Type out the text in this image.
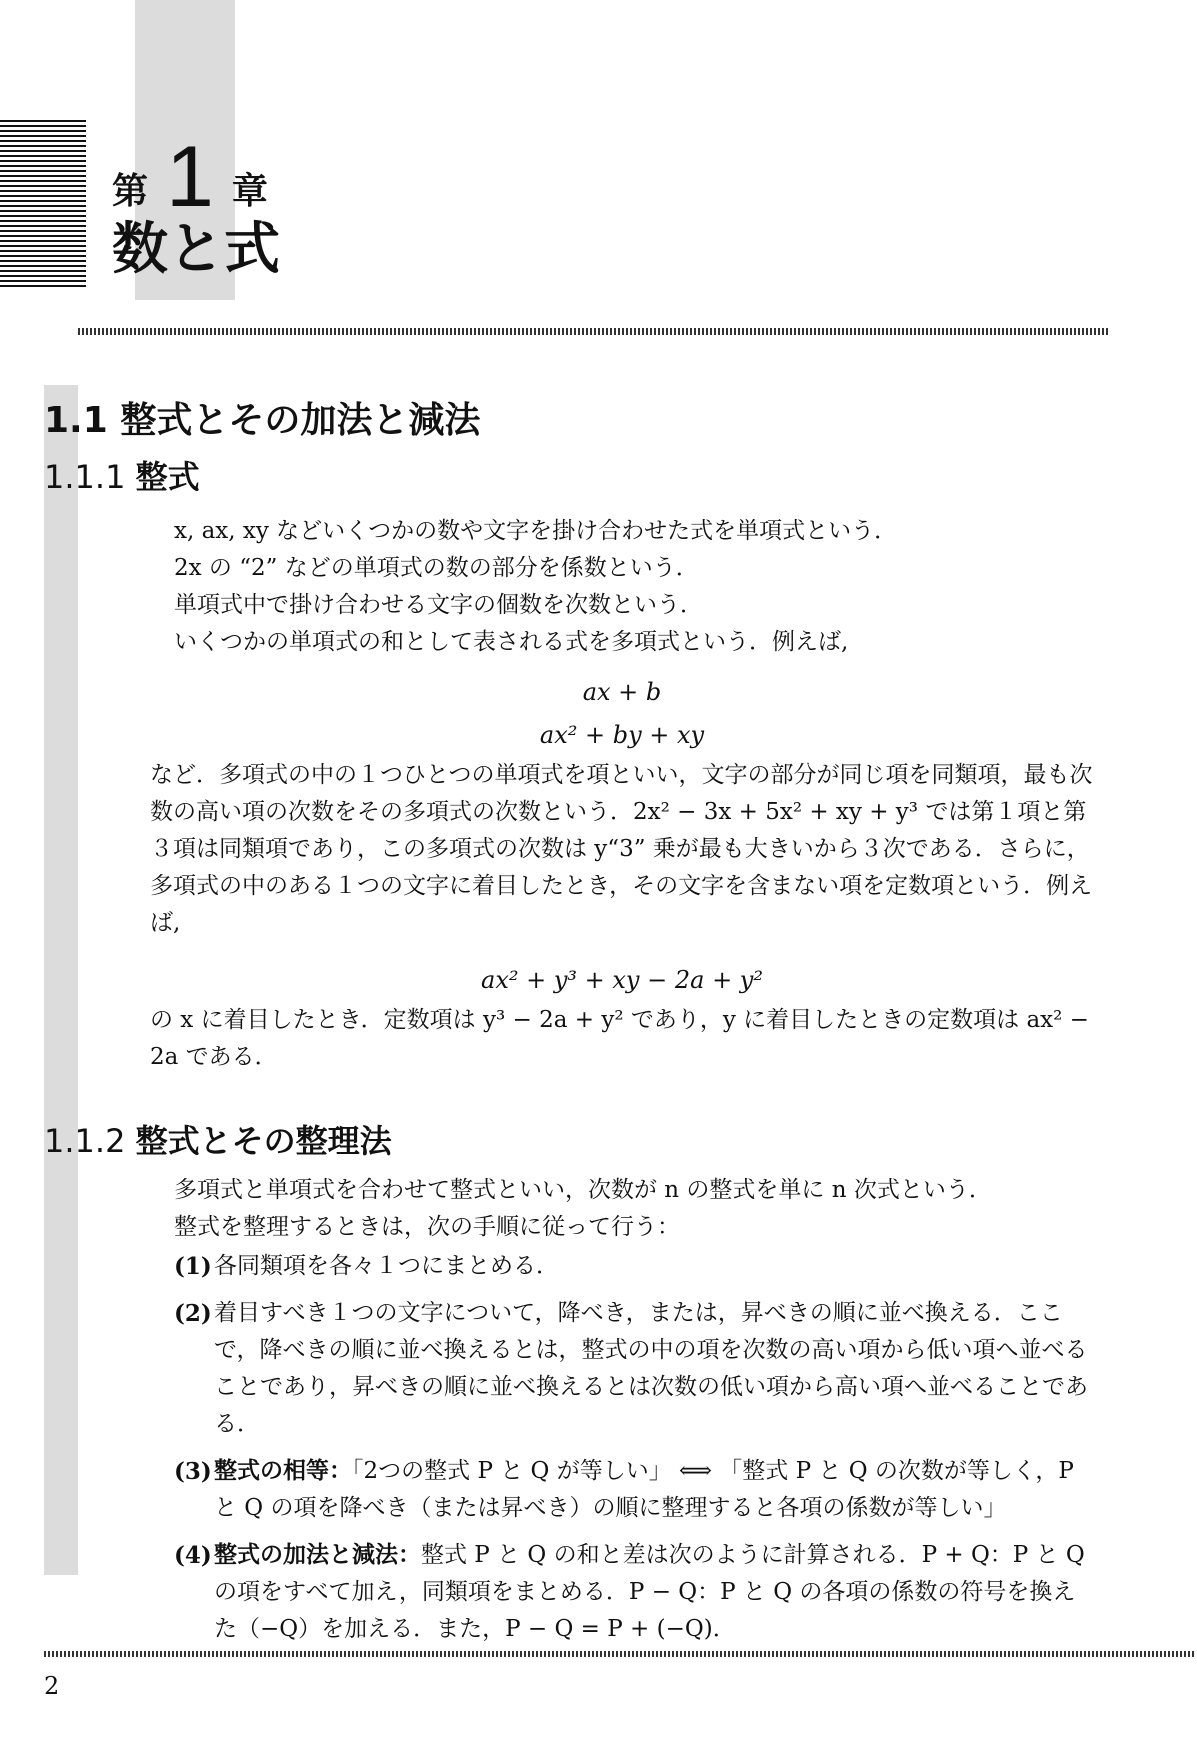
第 1 章
数と式
1.1 整式とその加法と減法
1.1.1 整式

x, ax, xy などいくつかの数や文字を掛け合わせた式を単項式という．

2x の “2” などの単項式の数の部分を係数という．

単項式中で掛け合わせる文字の個数を次数という．

いくつかの単項式の和として表される式を多項式という．例えば,

ax + b
ax² + by + xy

など．多項式の中の１つひとつの単項式を項といい，文字の部分が同じ項を同類項，最も次数の高い項の次数をその多項式の次数という．2x² − 3x + 5x² + xy + y³ では第１項と第３項は同類項であり，この多項式の次数は y“3” 乗が最も大きいから３次である．さらに，多項式の中のある１つの文字に着目したとき，その文字を含まない項を定数項という．例えば,

ax² + y³ + xy − 2a + y²

の x に着目したとき．定数項は y³ − 2a + y² であり，y に着目したときの定数項は ax² − 2a である．

1.1.2 整式とその整理法

多項式と単項式を合わせて整式といい，次数が n の整式を単に n 次式という．

整式を整理するときは，次の手順に従って行う：

(1) 各同類項を各々１つにまとめる．
(2) 着目すべき１つの文字について，降べき，または，昇べきの順に並べ換える．ここで，降べきの順に並べ換えるとは，整式の中の項を次数の高い項から低い項へ並べることであり，昇べきの順に並べ換えるとは次数の低い項から高い項へ並べることである．
(3) 整式の相等：「2つの整式 P と Q が等しい」 ⟺ 「整式 P と Q の次数が等しく，P と Q の項を降べき（または昇べき）の順に整理すると各項の係数が等しい」
(4) 整式の加法と減法：整式 P と Q の和と差は次のように計算される．P + Q：P と Q の項をすべて加え，同類項をまとめる．P − Q：P と Q の各項の係数の符号を換えた（−Q）を加える．また，P − Q = P + (−Q)．
2
